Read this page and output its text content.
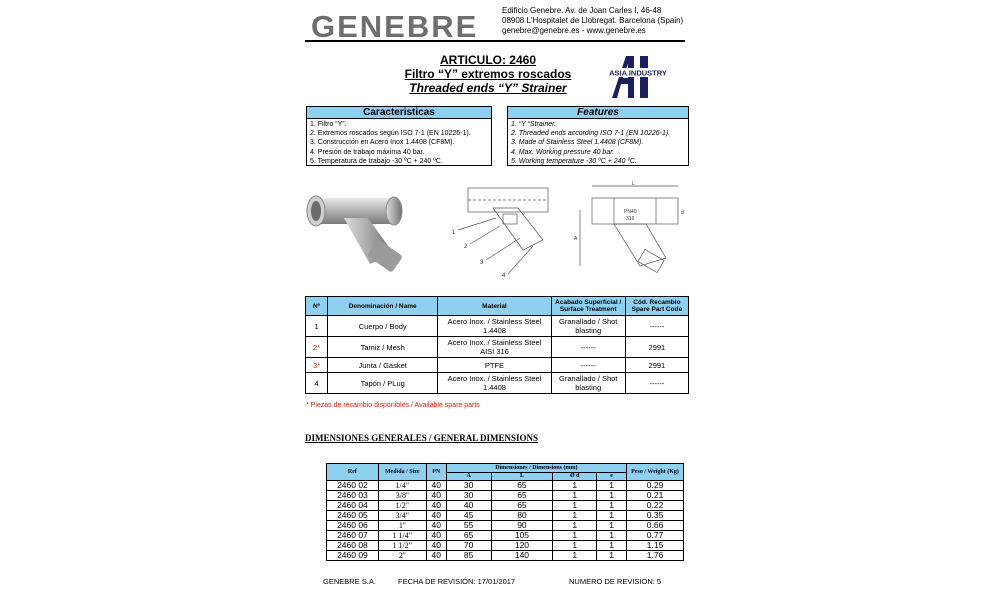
GENEBRE	Edificio Genebre. Av. de Joan Carles I, 46-48
08908 L'Hospitalet de Llobregat. Barcelona (Spain)
genebre@genebre.es - www.genebre.es
ARTICULO: 2460
Filtro “Y” extremos roscados
Threaded ends “Y” Strainer
ASIA INDUSTRY
Caracteristicas
1. Filtro “Y”.
2. Extremos roscados según ISO 7-1 (EN 10226-1).
3. Construcción en Acero Inox 1.4408 (CF8M).
4. Presión de trabajo máxima 40 bar.
5. Temperatura de trabajo -30 ºC + 240 ºC.
Features
1. “Y “Strainer.
2. Threaded ends according ISO 7-1 (EN 10226-1).
3. Made of Stainless Steel 1.4408 (CF8M).
4. Max. Working pressure 40 bar.
5. Working temperature -30 ºC + 240 ºC.
1
2
3
4
L
A
d
PN40 316
Nº	Denominación / Name	Material	Acabado Superficial / Surface Treatment	Cód. Recambio Spare Part Code
1	Cuerpo / Body	Acero Inox. / Stainless Steel 1.4408	Granallado / Shot blasting	------
2*	Tamiz / Mesh	Acero Inox. / Stainless Steel AISI 316	------	2991
3*	Junta / Gasket	PTFE	------	2991
4	Tapón / PLug	Acero Inox. / Stainless Steel 1.4408	Granallado / Shot blasting	------
* Piezas de recambio disponibles / Available spare parts
DIMENSIONES GENERALES / GENERAL DIMENSIONS
Ref	Medida / Size	PN	Dimensiones / Dimensions (mm)				Peso / Weight (Kg)
			A	L	Ø d	e	
2460 02	1/4"	40	30	65	1	1	0.29
2460 03	3/8''	40	30	65	1	1	0.21
2460 04	1/2"	40	40	65	1	1	0.22
2460 05	3/4"	40	45	80	1	1	0.35
2460 06	1''	40	55	90	1	1	0.66
2460 07	1 1/4"	40	65	105	1	1	0.77
2460 08	1 1/2"	40	70	120	1	1	1.15
2460 09	2''	40	85	140	1	1	1.76
GENEBRE S.A.	FECHA DE REVISIÓN: 17/01/2017	NUMERO DE REVISION: 5
